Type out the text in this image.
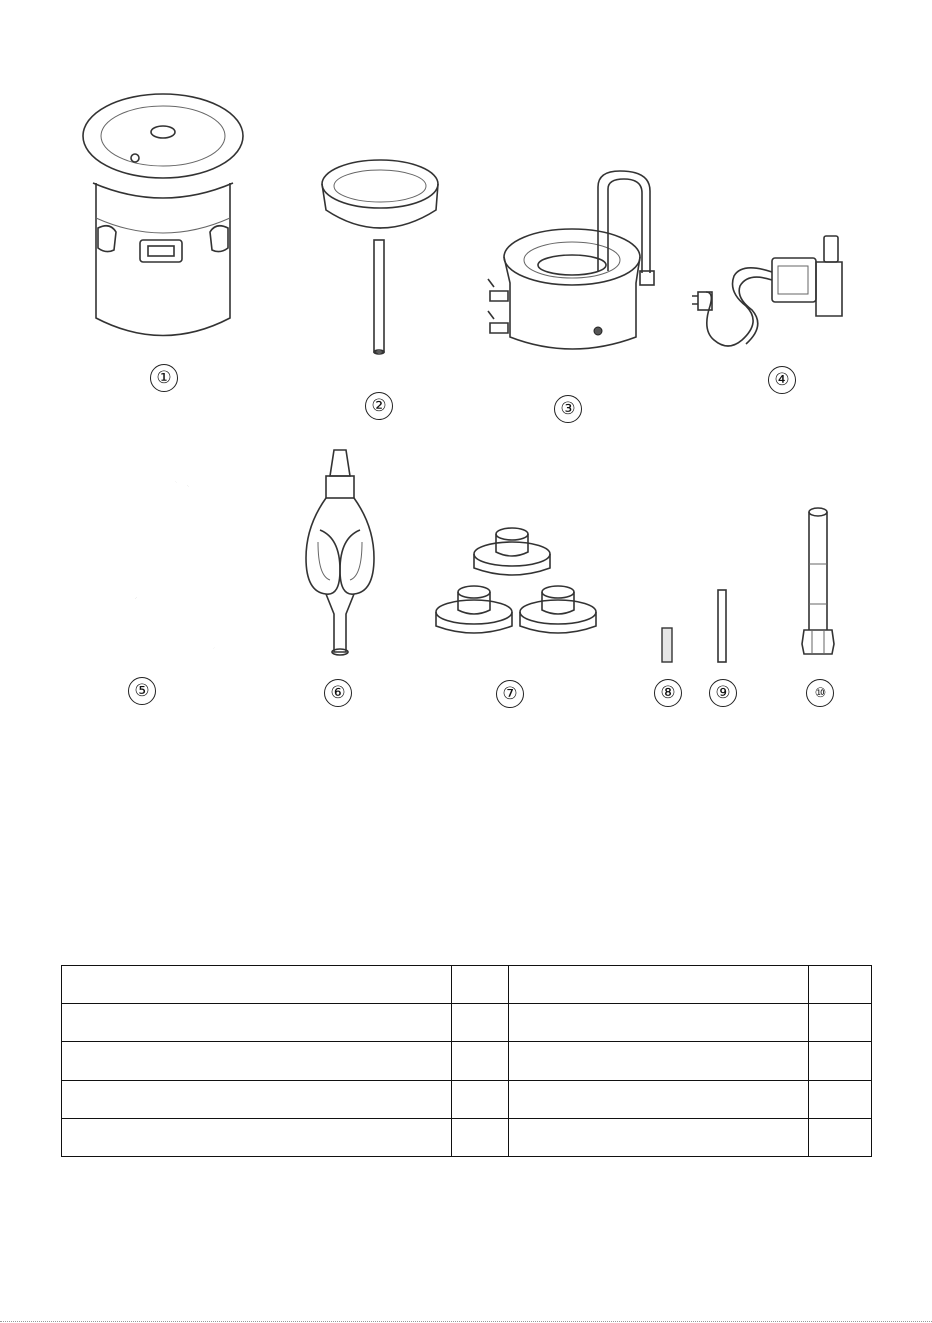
①
②	③
④
⑤	⑥	⑦	⑧	⑨	⑩
